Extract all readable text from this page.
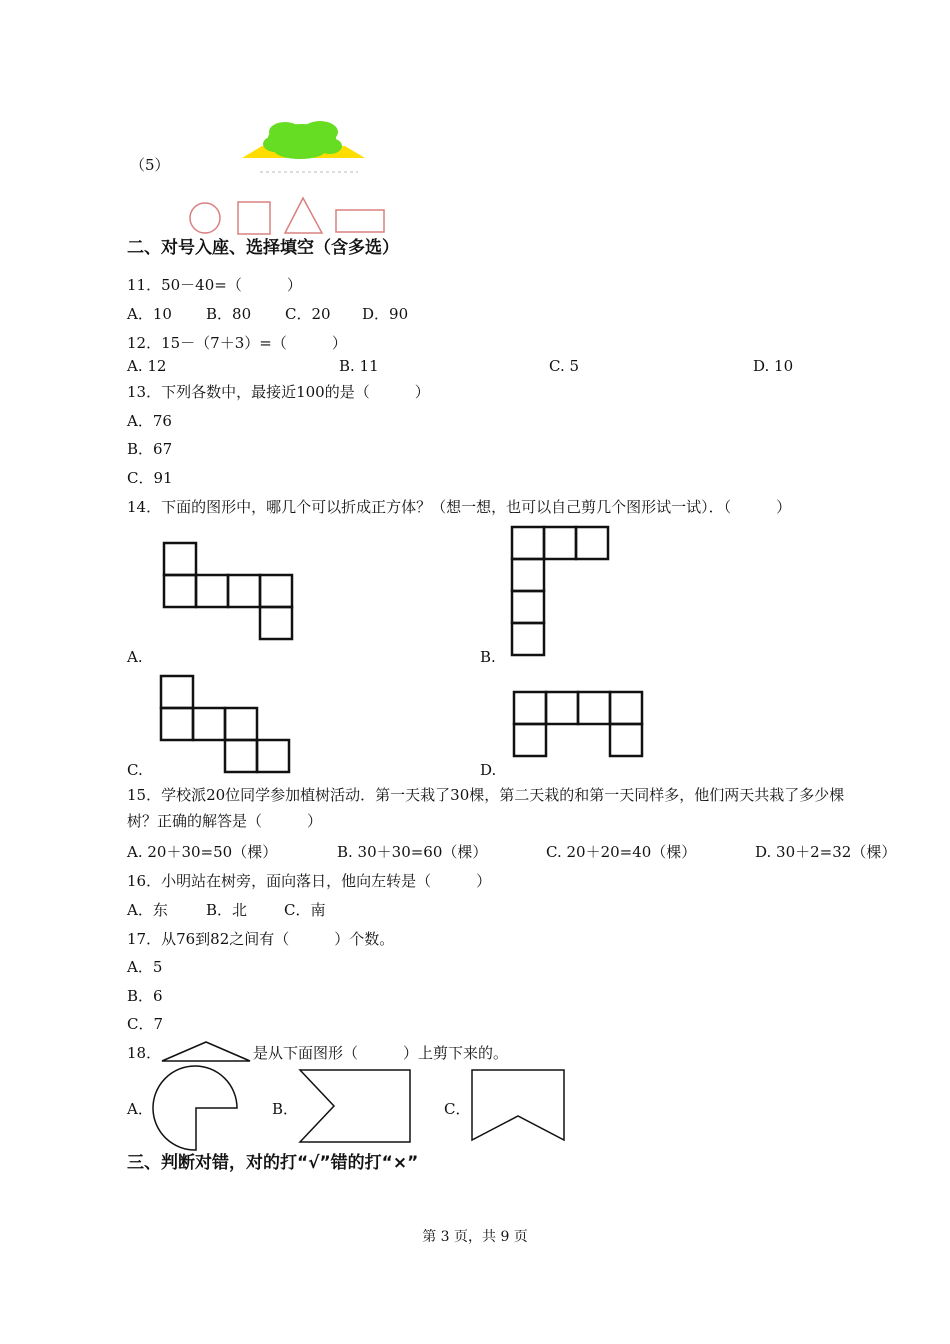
（5）
二、对号入座、选择填空（含多选）
11．50－40=（　　　）
A．10 B．80 C．20 D．90
12．15－（7＋3）=（　　　）
A. 12	B. 11	C. 5	D. 10
13．下列各数中，最接近100的是（　　　）
A．76
B．67
C．91
14．下面的图形中，哪几个可以折成正方体？（想一想，也可以自己剪几个图形试一试）．（　　　）
A.	B.
C.	D.
15．学校派20位同学参加植树活动．第一天栽了30棵，第二天栽的和第一天同样多，他们两天共栽了多少棵
树？正确的解答是（　　　）
A. 20＋30=50（棵）	B. 30＋30=60（棵）	C. 20＋20=40（棵）	D. 30＋2=32（棵）
16．小明站在树旁，面向落日，他向左转是（　　　）
A．东	B．北 C．南
17．从76到82之间有（　　　）个数。
A．5
B．6
C．7
18．	是从下面图形（　　　）上剪下来的。
A．	B．	C．
三、判断对错，对的打“√”错的打“×”
第 3 页，共 9 页
